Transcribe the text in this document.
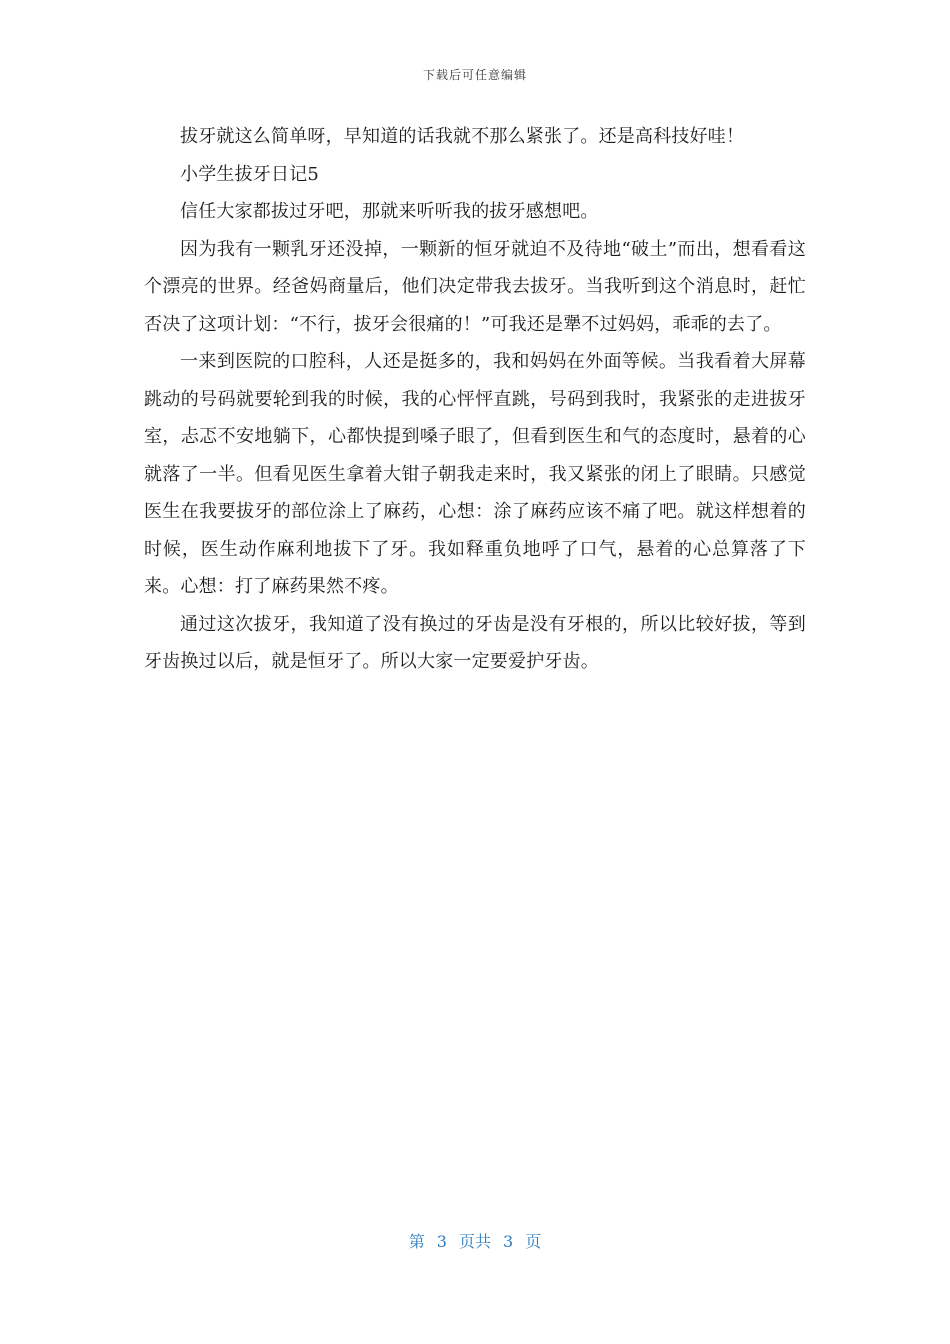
下载后可任意编辑

拔牙就这么简单呀，早知道的话我就不那么紧张了。还是高科技好哇！

小学生拔牙日记5

信任大家都拔过牙吧，那就来听听我的拔牙感想吧。

因为我有一颗乳牙还没掉，一颗新的恒牙就迫不及待地“破土”而出，想看看这个漂亮的世界。经爸妈商量后，他们决定带我去拔牙。当我听到这个消息时，赶忙否决了这项计划：“不行，拔牙会很痛的！”可我还是犟不过妈妈，乖乖的去了。

一来到医院的口腔科，人还是挺多的，我和妈妈在外面等候。当我看着大屏幕跳动的号码就要轮到我的时候，我的心怦怦直跳，号码到我时，我紧张的走进拔牙室，忐忑不安地躺下，心都快提到嗓子眼了，但看到医生和气的态度时，悬着的心就落了一半。但看见医生拿着大钳子朝我走来时，我又紧张的闭上了眼睛。只感觉医生在我要拔牙的部位涂上了麻药，心想：涂了麻药应该不痛了吧。就这样想着的时候，医生动作麻利地拔下了牙。我如释重负地呼了口气，悬着的心总算落了下来。心想：打了麻药果然不疼。

通过这次拔牙，我知道了没有换过的牙齿是没有牙根的，所以比较好拔，等到牙齿换过以后，就是恒牙了。所以大家一定要爱护牙齿。

第 3 页共 3 页
